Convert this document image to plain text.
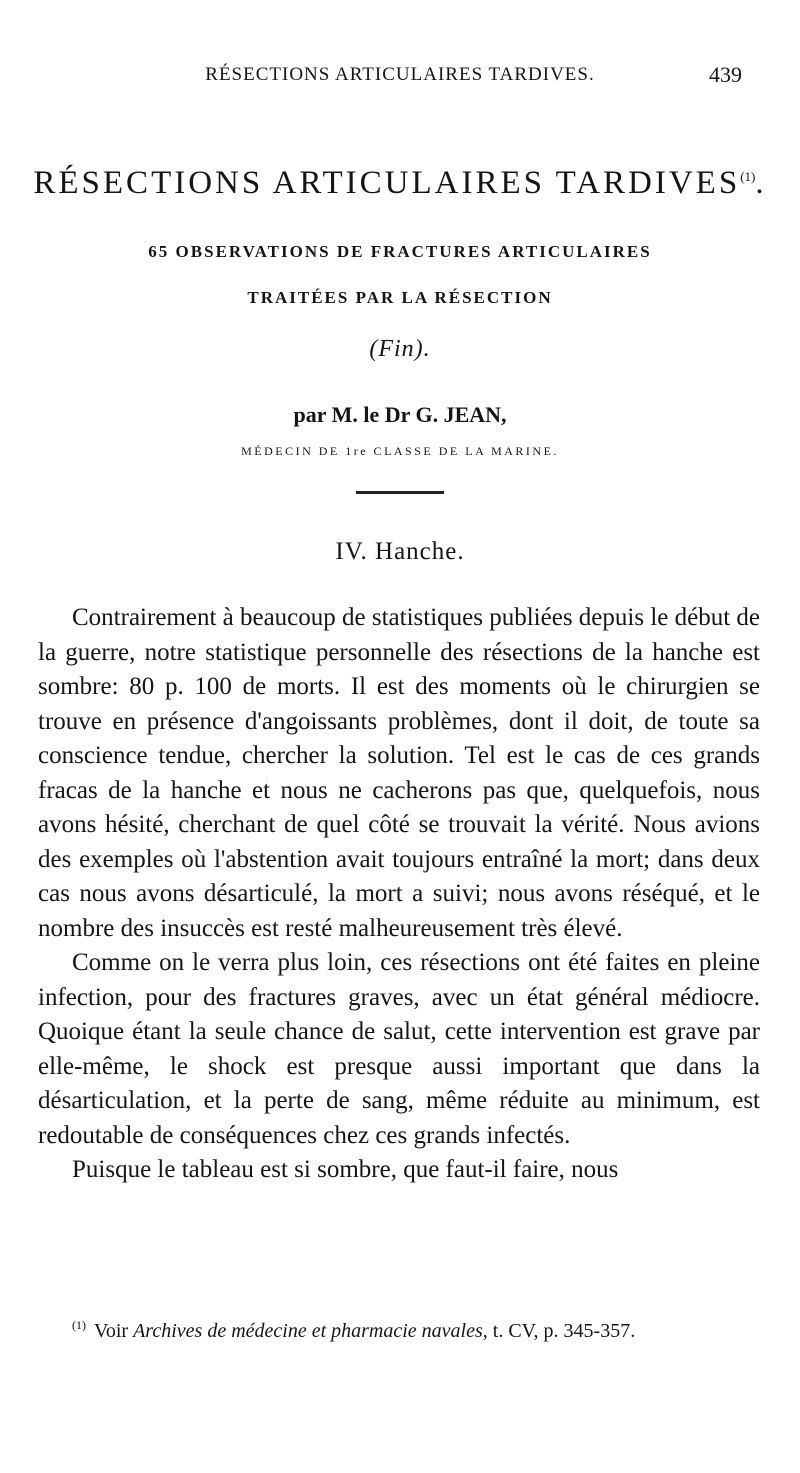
RÉSECTIONS ARTICULAIRES TARDIVES.	439
RÉSECTIONS ARTICULAIRES TARDIVES$^{(1)}$.
65 OBSERVATIONS DE FRACTURES ARTICULAIRES
TRAITÉES PAR LA RÉSECTION
(Fin).
par M. le Dr G. JEAN,
MÉDECIN DE 1re CLASSE DE LA MARINE.
IV. Hanche.

Contrairement à beaucoup de statistiques publiées depuis le début de la guerre, notre statistique personnelle des résections de la hanche est sombre: 80 p. 100 de morts. Il est des moments où le chirurgien se trouve en présence d'angoissants problèmes, dont il doit, de toute sa conscience tendue, chercher la solution. Tel est le cas de ces grands fracas de la hanche et nous ne cacherons pas que, quelquefois, nous avons hésité, cherchant de quel côté se trouvait la vérité. Nous avions des exemples où l'abstention avait toujours entraîné la mort; dans deux cas nous avons désarticulé, la mort a suivi; nous avons réséqué, et le nombre des insuccès est resté malheureusement très élevé.

Comme on le verra plus loin, ces résections ont été faites en pleine infection, pour des fractures graves, avec un état général médiocre. Quoique étant la seule chance de salut, cette intervention est grave par elle-même, le shock est presque aussi important que dans la désarticulation, et la perte de sang, même réduite au minimum, est redoutable de conséquences chez ces grands infectés.

Puisque le tableau est si sombre, que faut-il faire, nous

$^{(1)}$ Voir Archives de médecine et pharmacie navales, t. CV, p. 345-357.
